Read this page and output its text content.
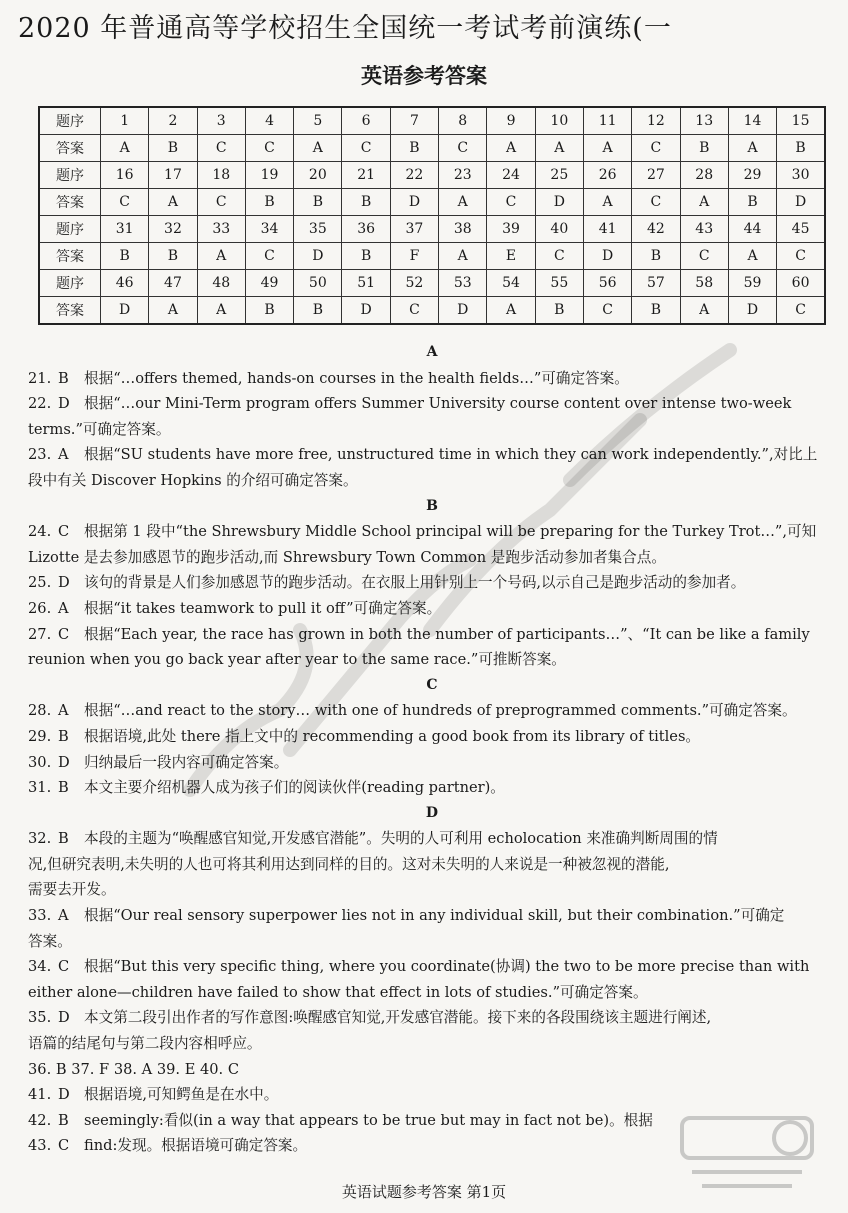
2020 年普通高等学校招生全国统一考试考前演练(一
英语参考答案
题序	1	2	3	4	5	6	7	8	9	10	11	12	13	14	15
答案	A	B	C	C	A	C	B	C	A	A	A	C	B	A	B
题序	16	17	18	19	20	21	22	23	24	25	26	27	28	29	30
答案	C	A	C	B	B	B	D	A	C	D	A	C	A	B	D
题序	31	32	33	34	35	36	37	38	39	40	41	42	43	44	45
答案	B	B	A	C	D	B	F	A	E	C	D	B	C	A	C
题序	46	47	48	49	50	51	52	53	54	55	56	57	58	59	60
答案	D	A	A	B	B	D	C	D	A	B	C	B	A	D	C
A
21. B	根据“…offers themed, hands-on courses in the health fields…”可确定答案。
22. D 根据“…our Mini-Term program offers Summer University course content over intense two-week
terms.”可确定答案。
23. A	根据“SU students have more free, unstructured time in which they can work independently.”,对比上
段中有关 Discover Hopkins 的介绍可确定答案。
B
24. C	根据第 1 段中“the Shrewsbury Middle School principal will be preparing for the Turkey Trot…”,可知
Lizotte 是去参加感恩节的跑步活动,而 Shrewsbury Town Common 是跑步活动参加者集合点。
25. D 该句的背景是人们参加感恩节的跑步活动。在衣服上用针别上一个号码,以示自己是跑步活动的参加者。
26. A	根据“it takes teamwork to pull it off”可确定答案。
27. C	根据“Each year, the race has grown in both the number of participants…”、“It can be like a family
reunion when you go back year after year to the same race.”可推断答案。
C
28. A	根据“…and react to the story… with one of hundreds of preprogrammed comments.”可确定答案。
29. B	根据语境,此处 there 指上文中的 recommending a good book from its library of titles。
30. D 归纳最后一段内容可确定答案。
31. B	本文主要介绍机器人成为孩子们的阅读伙伴(reading partner)。
D
32. B	本段的主题为“唤醒感官知觉,开发感官潜能”。失明的人可利用 echolocation 来准确判断周围的情
况,但研究表明,未失明的人也可将其利用达到同样的目的。这对未失明的人来说是一种被忽视的潜能,
需要去开发。
33. A	根据“Our real sensory superpower lies not in any individual skill, but their combination.”可确定
答案。
34. C	根据“But this very specific thing, where you coordinate(协调) the two to be more precise than with
either alone—children have failed to show that effect in lots of studies.”可确定答案。
35. D 本文第二段引出作者的写作意图:唤醒感官知觉,开发感官潜能。接下来的各段围绕该主题进行阐述,
语篇的结尾句与第二段内容相呼应。
36. B 37. F 38. A 39. E 40. C
41. D 根据语境,可知鳄鱼是在水中。
42. B	seemingly:看似(in a way that appears to be true but may in fact not be)。根据
43. C	find:发现。根据语境可确定答案。
英语试题参考答案 第1页
